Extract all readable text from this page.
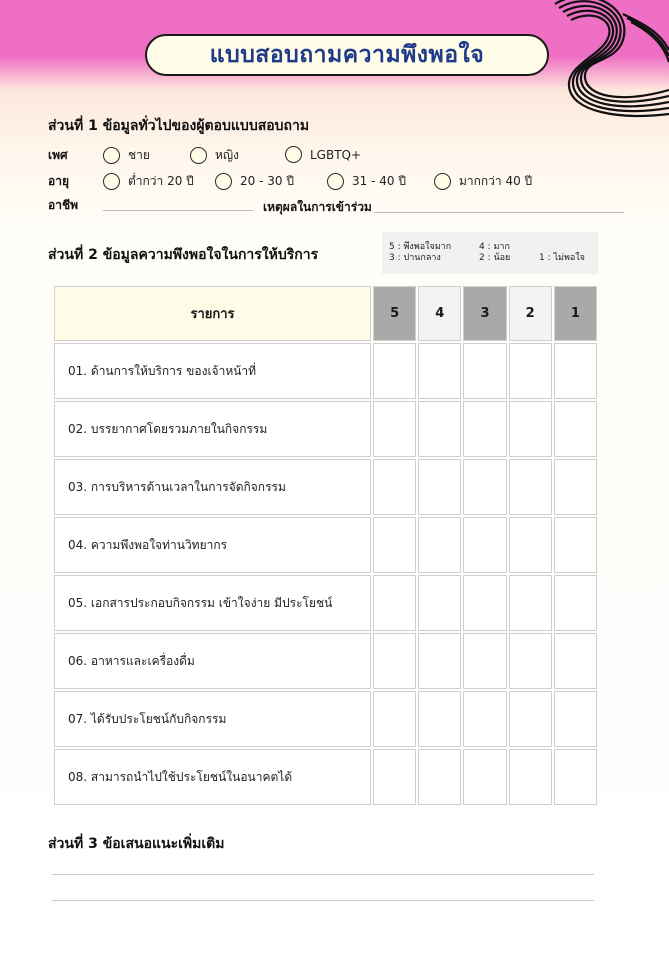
แบบสอบถามความพึงพอใจ
ส่วนที่ 1 ข้อมูลทั่วไปของผู้ตอบแบบสอบถาม
เพศ	ชาย	หญิง	LGBTQ+
อายุ	ต่ำกว่า 20 ปี	20 - 30 ปี	31 - 40 ปี	มากกว่า 40 ปี
อาชีพ	เหตุผลในการเข้าร่วม
ส่วนที่ 2 ข้อมูลความพึงพอใจในการให้บริการ	5 : พึงพอใจมาก	4 : มาก
3 : ปานกลาง	2 : น้อย	1 : ไม่พอใจ
รายการ	5	4	3	2	1
01. ด้านการให้บริการ ของเจ้าหน้าที่					
02. บรรยากาศโดยรวมภายในกิจกรรม					
03. การบริหารด้านเวลาในการจัดกิจกรรม					
04. ความพึงพอใจท่านวิทยากร					
05. เอกสารประกอบกิจกรรม เข้าใจง่าย มีประโยชน์					
06. อาหารและเครื่องดื่ม					
07. ได้รับประโยชน์กับกิจกรรม					
08. สามารถนำไปใช้ประโยชน์ในอนาคตได้					
ส่วนที่ 3 ข้อเสนอแนะเพิ่มเติม
